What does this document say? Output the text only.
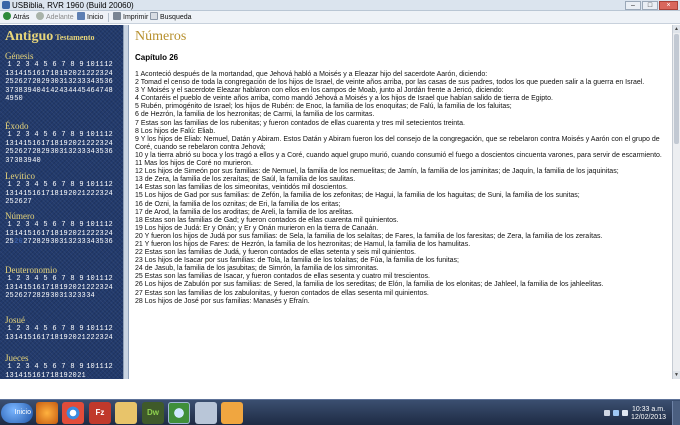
USBiblia, RVR 1960 (Build 20060)	–	□	×
Atrás	Adelante	Inicio	Imprimir	Busqueda
Antiguo Testamento
Génesis
1 2 3 4 5 6 7 8 9 10 11 12
13 14 15 16 17 18 19 20 21 22 23 24
25 26 27 28 29 30 31 32 33 34 35 36
37 38 39 40 41 42 43 44 45 46 47 48
49 50
Éxodo
1 2 3 4 5 6 7 8 9 10 11 12
13 14 15 16 17 18 19 20 21 22 23 24
25 26 27 28 29 30 31 32 33 34 35 36
37 38 39 40
Levítico
1 2 3 4 5 6 7 8 9 10 11 12
13 14 15 16 17 18 19 20 21 22 23 24
25 26 27
Número
1 2 3 4 5 6 7 8 9 10 11 12
13 14 15 16 17 18 19 20 21 22 23 24
25 26 27 28 29 30 31 32 33 34 35 36
Deuteronomio
1 2 3 4 5 6 7 8 9 10 11 12
13 14 15 16 17 18 19 20 21 22 23 24
25 26 27 28 29 30 31 32 33 34
Josué
1 2 3 4 5 6 7 8 9 10 11 12
13 14 15 16 17 18 19 20 21 22 23 24
Jueces
1 2 3 4 5 6 7 8 9 10 11 12
13 14 15 16 17 18 19 20 21
Números
Capítulo 26

1 Aconteció después de la mortandad, que Jehová habló a Moisés y a Eleazar hijo del sacerdote Aarón, diciendo:

2 Tomad el censo de toda la congregación de los hijos de Israel, de veinte años arriba, por las casas de sus padres, todos los que pueden salir a la guerra en Israel.

3 Y Moisés y el sacerdote Eleazar hablaron con ellos en los campos de Moab, junto al Jordán frente a Jericó, diciendo:

4 Contaréis el pueblo de veinte años arriba, como mandó Jehová a Moisés y a los hijos de Israel que habían salido de tierra de Egipto.

5 Rubén, primogénito de Israel; los hijos de Rubén: de Enoc, la familia de los enoquitas; de Falú, la familia de los faluitas;

6 de Hezrón, la familia de los hezronitas; de Carmi, la familia de los carmitas.

7 Estas son las familias de los rubenitas; y fueron contados de ellas cuarenta y tres mil setecientos treinta.

8 Los hijos de Falú: Eliab.

9 Y los hijos de Eliab: Nemuel, Datán y Abiram. Estos Datán y Abiram fueron los del consejo de la congregación, que se rebelaron contra Moisés y Aarón con el grupo de Coré, cuando se rebelaron contra Jehová;

10 y la tierra abrió su boca y los tragó a ellos y a Coré, cuando aquel grupo murió, cuando consumió el fuego a doscientos cincuenta varones, para servir de escarmiento.

11 Mas los hijos de Coré no murieron.

12 Los hijos de Simeón por sus familias: de Nemuel, la familia de los nemuelitas; de Jamín, la familia de los jaminitas; de Jaquín, la familia de los jaquinitas;

13 de Zera, la familia de los zeraítas; de Saúl, la familia de los saulitas.

14 Estas son las familias de los simeonitas, veintidós mil doscientos.

15 Los hijos de Gad por sus familias: de Zefón, la familia de los zefonitas; de Hagui, la familia de los haguitas; de Suni, la familia de los sunitas;

16 de Ozni, la familia de los oznitas; de Eri, la familia de los eritas;

17 de Arod, la familia de los aroditas; de Areli, la familia de los arelitas.

18 Estas son las familias de Gad; y fueron contados de ellas cuarenta mil quinientos.

19 Los hijos de Judá: Er y Onán; y Er y Onán murieron en la tierra de Canaán.

20 Y fueron los hijos de Judá por sus familias: de Sela, la familia de los selaítas; de Fares, la familia de los faresitas; de Zera, la familia de los zeraítas.

21 Y fueron los hijos de Fares: de Hezrón, la familia de los hezronitas; de Hamul, la familia de los hamulitas.

22 Estas son las familias de Judá, y fueron contados de ellas setenta y seis mil quinientos.

23 Los hijos de Isacar por sus familias: de Tola, la familia de los tolaítas; de Fúa, la familia de los funitas;

24 de Jasub, la familia de los jasubitas; de Simrón, la familia de los simronitas.

25 Estas son las familias de Isacar, y fueron contados de ellas sesenta y cuatro mil trescientos.

26 Los hijos de Zabulón por sus familias: de Sered, la familia de los sereditas; de Elón, la familia de los elonitas; de Jahleel, la familia de los jahleelitas.

27 Estas son las familias de los zabulonitas, y fueron contados de ellas sesenta mil quinientos.

28 Los hijos de José por sus familias: Manasés y Efraín.

▲
▼
Inicio	Fz	Dw	10:33 a.m.
12/02/2013
